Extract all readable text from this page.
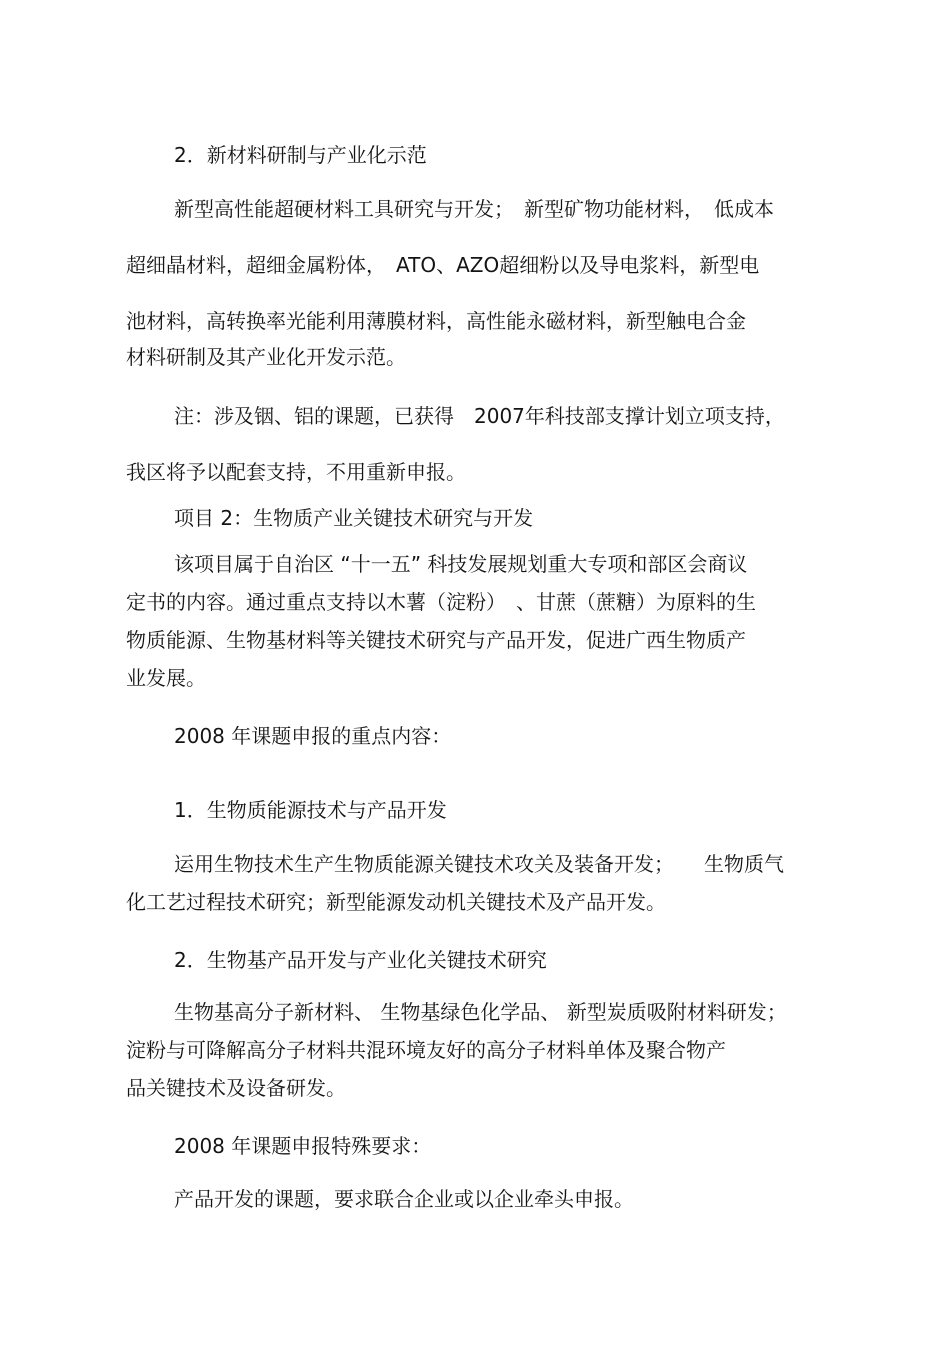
2．新材料研制与产业化示范

新型高性能超硬材料工具研究与开发；　新型矿物功能材料，　低成本

超细晶材料，超细金属粉体，　ATO、AZO超细粉以及导电浆料，新型电

池材料，高转换率光能利用薄膜材料，高性能永磁材料，新型触电合金

材料研制及其产业化开发示范。

注：涉及铟、铝的课题，已获得　2007年科技部支撑计划立项支持，

我区将予以配套支持，不用重新申报。

项目 2：生物质产业关键技术研究与开发

该项目属于自治区 “十一五” 科技发展规划重大专项和部区会商议

定书的内容。通过重点支持以木薯（淀粉）　、甘蔗（蔗糖）为原料的生

物质能源、生物基材料等关键技术研究与产品开发，促进广西生物质产

业发展。

2008 年课题申报的重点内容：

1．生物质能源技术与产品开发

运用生物技术生产生物质能源关键技术攻关及装备开发；　　生物质气

化工艺过程技术研究；新型能源发动机关键技术及产品开发。

2．生物基产品开发与产业化关键技术研究

生物基高分子新材料、 生物基绿色化学品、 新型炭质吸附材料研发；

淀粉与可降解高分子材料共混环境友好的高分子材料单体及聚合物产

品关键技术及设备研发。

2008 年课题申报特殊要求：

产品开发的课题，要求联合企业或以企业牵头申报。
